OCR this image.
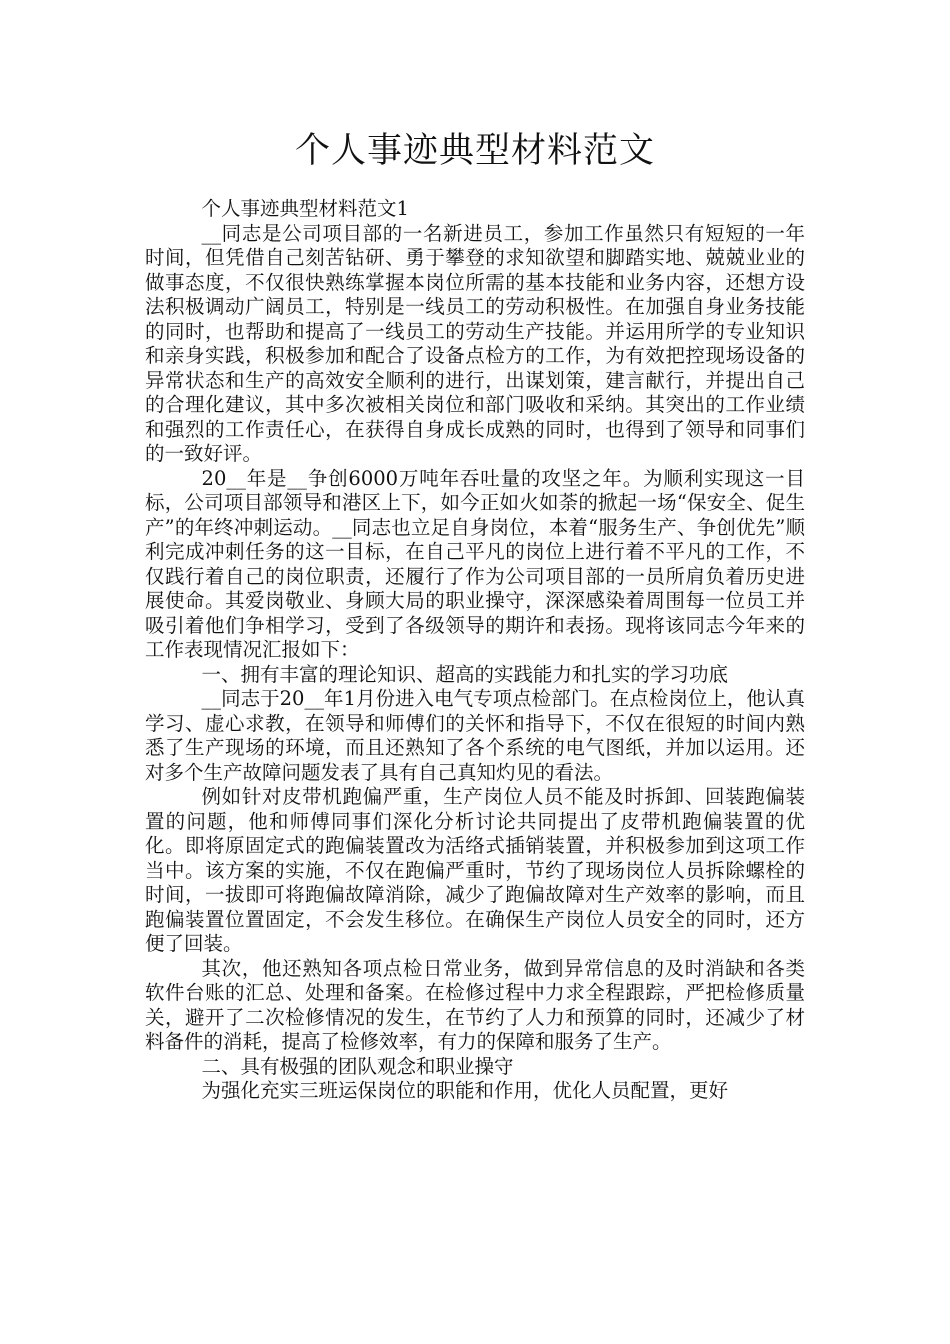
个人事迹典型材料范文

个人事迹典型材料范文1

__同志是公司项目部的一名新进员工，参加工作虽然只有短短的一年时间，但凭借自己刻苦钻研、勇于攀登的求知欲望和脚踏实地、兢兢业业的做事态度，不仅很快熟练掌握本岗位所需的基本技能和业务内容，还想方设法积极调动广阔员工，特别是一线员工的劳动积极性。在加强自身业务技能的同时，也帮助和提高了一线员工的劳动生产技能。并运用所学的专业知识和亲身实践，积极参加和配合了设备点检方的工作，为有效把控现场设备的异常状态和生产的高效安全顺利的进行，出谋划策，建言献行，并提出自己的合理化建议，其中多次被相关岗位和部门吸收和采纳。其突出的工作业绩和强烈的工作责任心，在获得自身成长成熟的同时，也得到了领导和同事们的一致好评。

20__年是__争创6000万吨年吞吐量的攻坚之年。为顺利实现这一目标，公司项目部领导和港区上下，如今正如火如荼的掀起一场“保安全、促生产”的年终冲刺运动。__同志也立足自身岗位，本着“服务生产、争创优先”顺利完成冲刺任务的这一目标，在自己平凡的岗位上进行着不平凡的工作，不仅践行着自己的岗位职责，还履行了作为公司项目部的一员所肩负着历史进展使命。其爱岗敬业、身顾大局的职业操守，深深感染着周围每一位员工并吸引着他们争相学习，受到了各级领导的期许和表扬。现将该同志今年来的工作表现情况汇报如下：

一、拥有丰富的理论知识、超高的实践能力和扎实的学习功底

__同志于20__年1月份进入电气专项点检部门。在点检岗位上，他认真学习、虚心求教，在领导和师傅们的关怀和指导下，不仅在很短的时间内熟悉了生产现场的环境，而且还熟知了各个系统的电气图纸，并加以运用。还对多个生产故障问题发表了具有自己真知灼见的看法。

例如针对皮带机跑偏严重，生产岗位人员不能及时拆卸、回装跑偏装置的问题，他和师傅同事们深化分析讨论共同提出了皮带机跑偏装置的优化。即将原固定式的跑偏装置改为活络式插销装置，并积极参加到这项工作当中。该方案的实施，不仅在跑偏严重时，节约了现场岗位人员拆除螺栓的时间，一拔即可将跑偏故障消除，减少了跑偏故障对生产效率的影响，而且跑偏装置位置固定，不会发生移位。在确保生产岗位人员安全的同时，还方便了回装。

其次，他还熟知各项点检日常业务，做到异常信息的及时消缺和各类软件台账的汇总、处理和备案。在检修过程中力求全程跟踪，严把检修质量关，避开了二次检修情况的发生，在节约了人力和预算的同时，还减少了材料备件的消耗，提高了检修效率，有力的保障和服务了生产。

二、具有极强的团队观念和职业操守

为强化充实三班运保岗位的职能和作用，优化人员配置，更好
